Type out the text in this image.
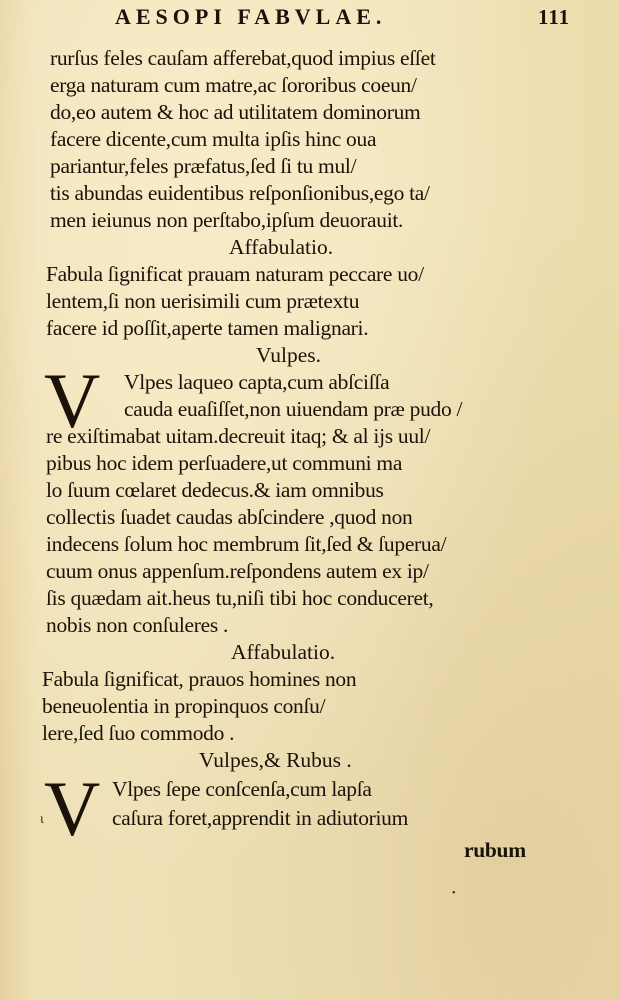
AESOPI FABVLAE.	111
rurſus feles cauſam afferebat,quod impius eſſet
erga naturam cum matre,ac ſororibus coeun/
do,eo autem & hoc ad utilitatem dominorum
facere dicente,cum multa ipſis hinc oua
pariantur,feles præfatus,ſed ſi tu mul/
tis abundas euidentibus reſponſionibus,ego ta/
men ieiunus non perſtabo,ipſum deuorauit.
Affabulatio.
Fabula ſignificat prauam naturam peccare uo/
lentem,ſi non uerisimili cum prætextu
facere id poſſit,aperte tamen malignari.
Vulpes.
V Vlpes laqueo capta,cum abſciſſa
cauda euaſiſſet,non uiuendam præ pudo /
re exiſtimabat uitam.decreuit itaq; & al ijs uul/
pibus hoc idem perſuadere,ut communi ma
lo ſuum cœlaret dedecus.& iam omnibus
collectis ſuadet caudas abſcindere ,quod non
indecens ſolum hoc membrum ſit,ſed & ſuperua/
cuum onus appenſum.reſpondens autem ex ip/
ſis quædam ait.heus tu,niſi tibi hoc conduceret,
nobis non conſuleres .
Affabulatio.
Fabula ſignificat, prauos homines non
beneuolentia in propinquos conſu/
lere,ſed ſuo commodo .
Vulpes,& Rubus .
V Vlpes ſepe conſcenſa,cum lapſa
caſura foret,apprendit in adiutorium
rubum
ι
•
